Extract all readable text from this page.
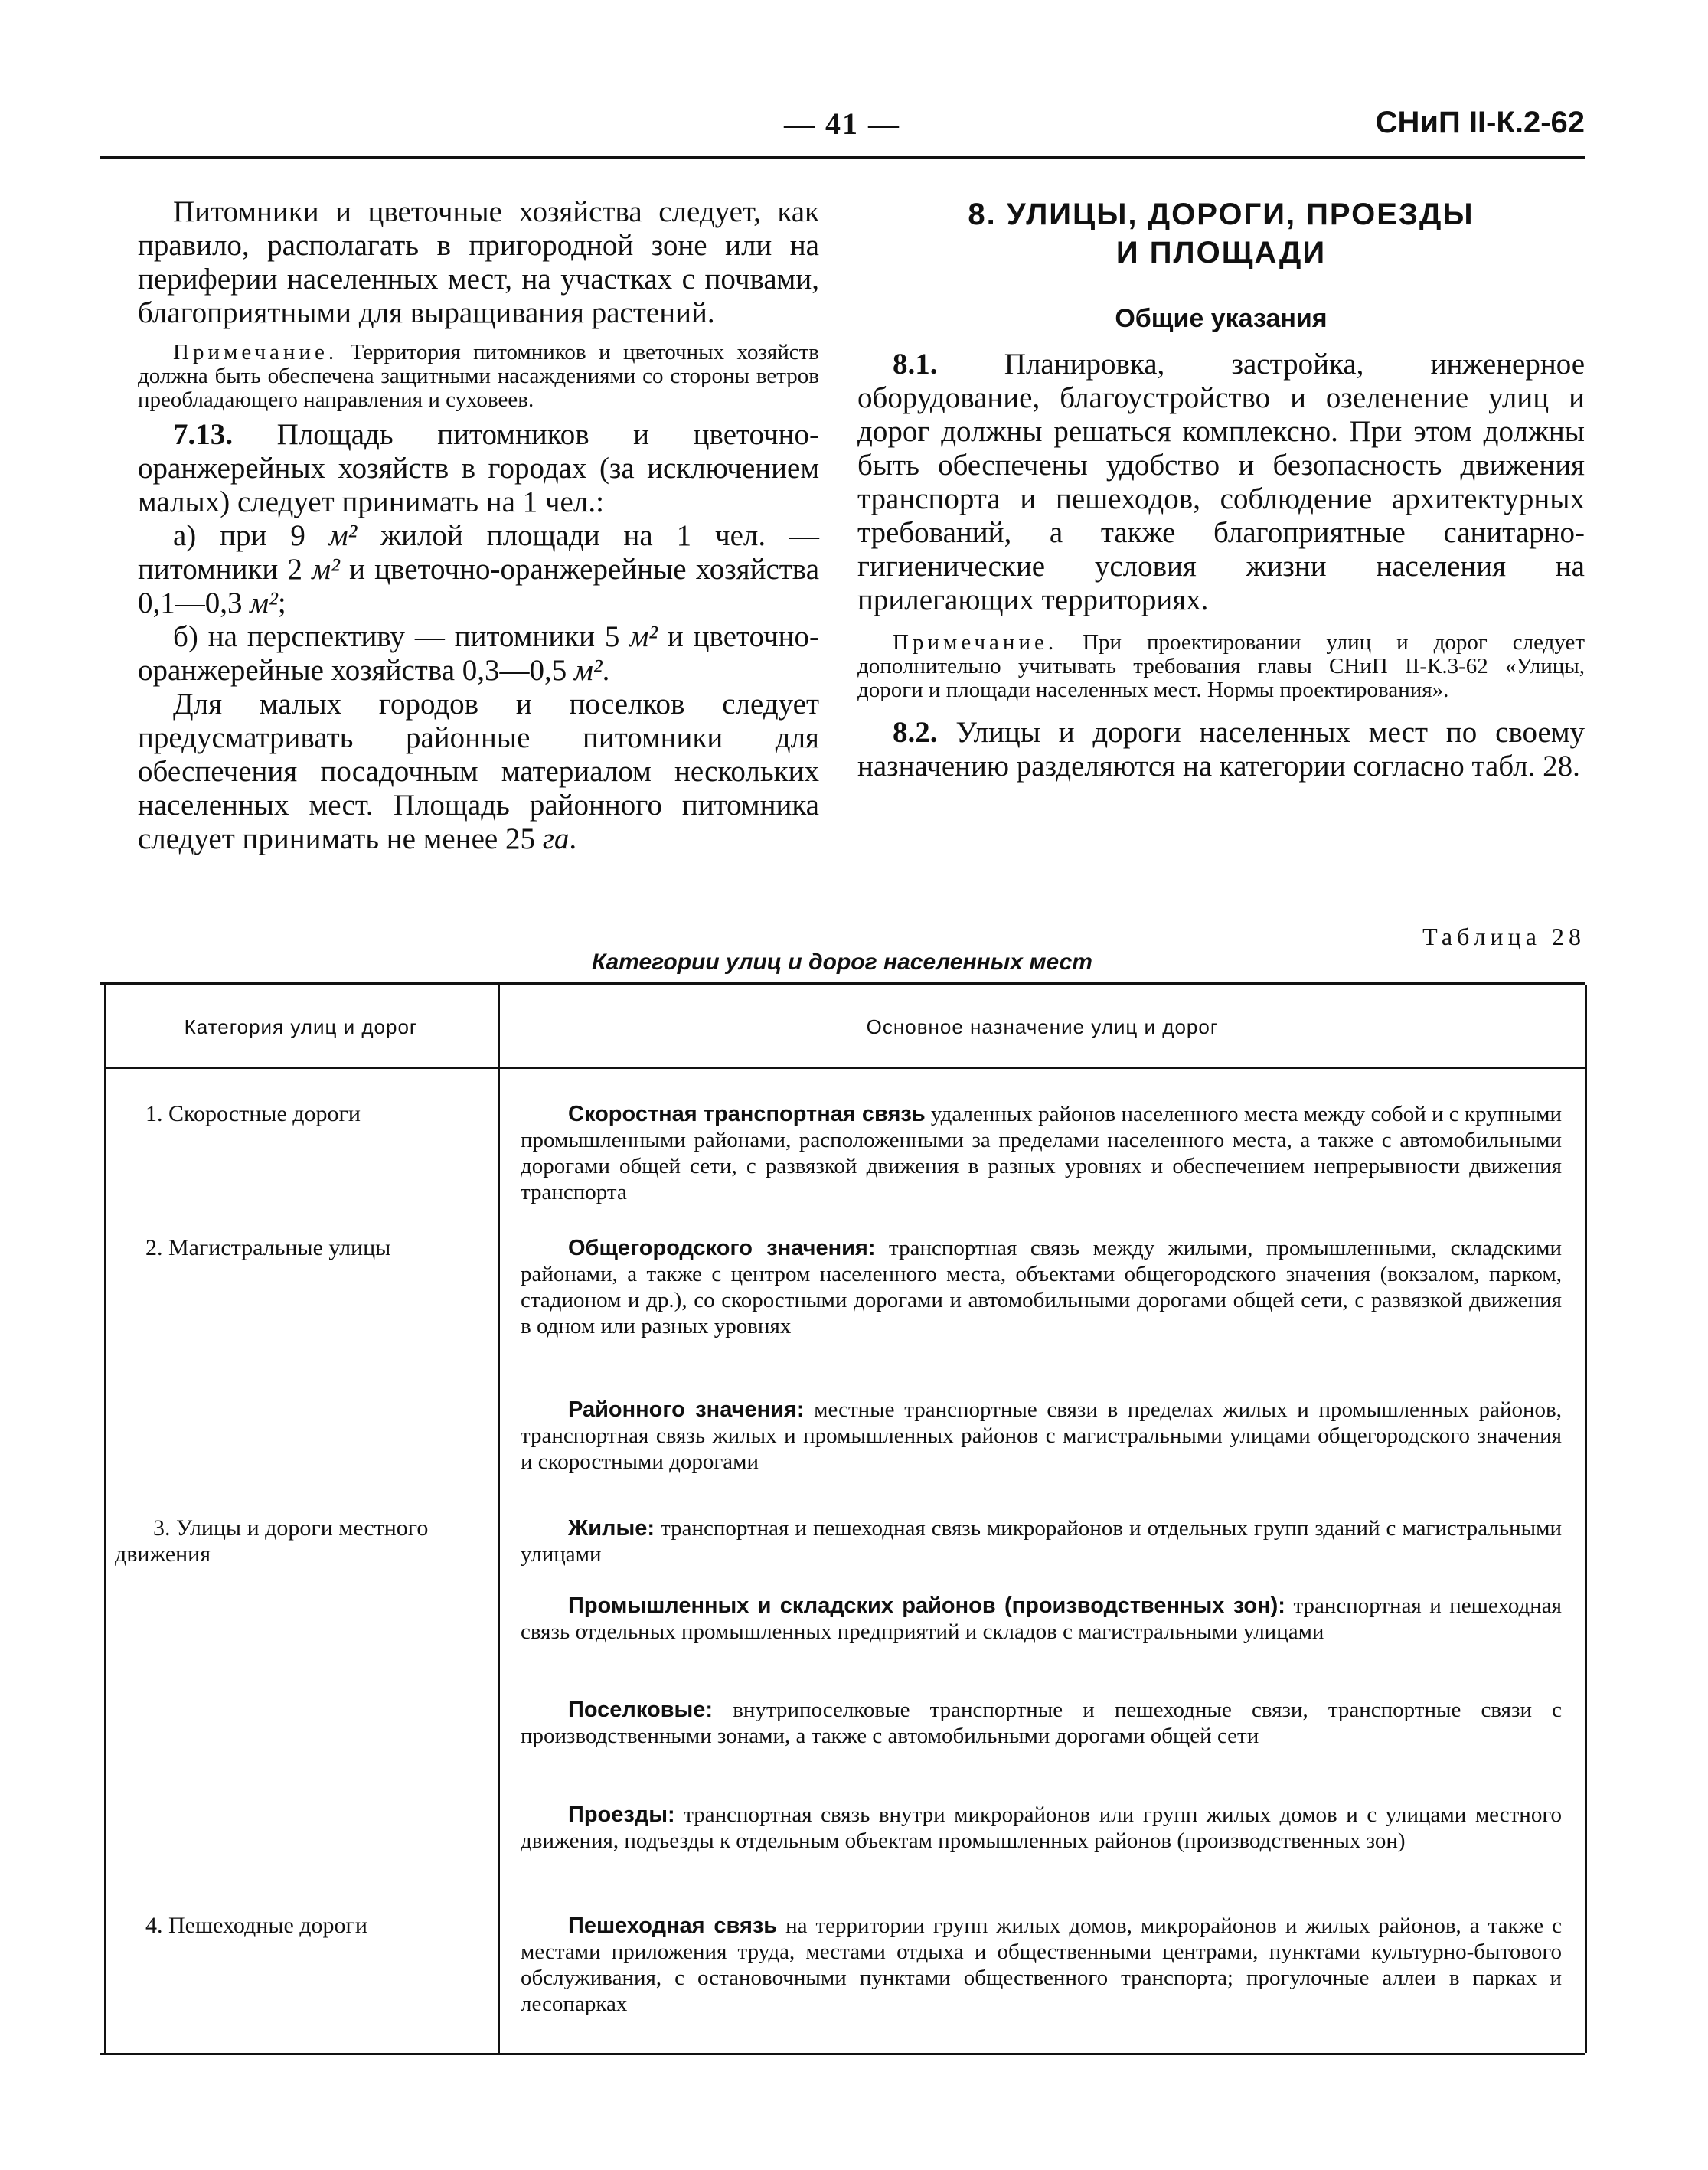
— 41 —	СНиП II-К.2-62

Питомники и цветочные хозяйства следует, как правило, располагать в пригородной зоне или на периферии населенных мест, на участках с почвами, благоприятными для выращивания растений.

Примечание. Территория питомников и цветочных хозяйств должна быть обеспечена защитными насаждениями со стороны ветров преобладающего направления и суховеев.

7.13. Площадь питомников и цветочно-оранжерейных хозяйств в городах (за исключением малых) следует принимать на 1 чел.:

а) при 9 м² жилой площади на 1 чел. — питомники 2 м² и цветочно-оранжерейные хозяйства 0,1—0,3 м²;

б) на перспективу — питомники 5 м² и цветочно-оранжерейные хозяйства 0,3—0,5 м².

Для малых городов и поселков следует предусматривать районные питомники для обеспечения посадочным материалом нескольких населенных мест. Площадь районного питомника следует принимать не менее 25 га.

8. УЛИЦЫ, ДОРОГИ, ПРОЕЗДЫ
И ПЛОЩАДИ
Общие указания

8.1. Планировка, застройка, инженерное оборудование, благоустройство и озеленение улиц и дорог должны решаться комплексно. При этом должны быть обеспечены удобство и безопасность движения транспорта и пешеходов, соблюдение архитектурных требований, а также благоприятные санитарно-гигиенические условия жизни населения на прилегающих территориях.

Примечание. При проектировании улиц и дорог следует дополнительно учитывать требования главы СНиП II-К.3-62 «Улицы, дороги и площади населенных мест. Нормы проектирования».

8.2. Улицы и дороги населенных мест по своему назначению разделяются на категории согласно табл. 28.

Таблица 28
Категории улиц и дорог населенных мест
Категория улиц и дорог	Основное назначение улиц и дорог
1. Скоростные дороги
2. Магистральные улицы
3. Улицы и дороги местного движения
4. Пешеходные дороги
Скоростная транспортная связь удаленных районов населенного места между собой и с крупными промышленными районами, расположенными за пределами населенного места, а также с автомобильными дорогами общей сети, с развязкой движения в разных уровнях и обеспечением непрерывности движения транспорта
Общегородского значения: транспортная связь между жилыми, промышленными, складскими районами, а также с центром населенного места, объектами общегородского значения (вокзалом, парком, стадионом и др.), со скоростными дорогами и автомобильными дорогами общей сети, с развязкой движения в одном или разных уровнях
Районного значения: местные транспортные связи в пределах жилых и промышленных районов, транспортная связь жилых и промышленных районов с магистральными улицами общегородского значения и скоростными дорогами
Жилые: транспортная и пешеходная связь микрорайонов и отдельных групп зданий с магистральными улицами
Промышленных и складских районов (производственных зон): транспортная и пешеходная связь отдельных промышленных предприятий и складов с магистральными улицами
Поселковые: внутрипоселковые транспортные и пешеходные связи, транспортные связи с производственными зонами, а также с автомобильными дорогами общей сети
Проезды: транспортная связь внутри микрорайонов или групп жилых домов и с улицами местного движения, подъезды к отдельным объектам промышленных районов (производственных зон)
Пешеходная связь на территории групп жилых домов, микрорайонов и жилых районов, а также с местами приложения труда, местами отдыха и общественными центрами, пунктами культурно-бытового обслуживания, с остановочными пунктами общественного транспорта; прогулочные аллеи в парках и лесопарках
